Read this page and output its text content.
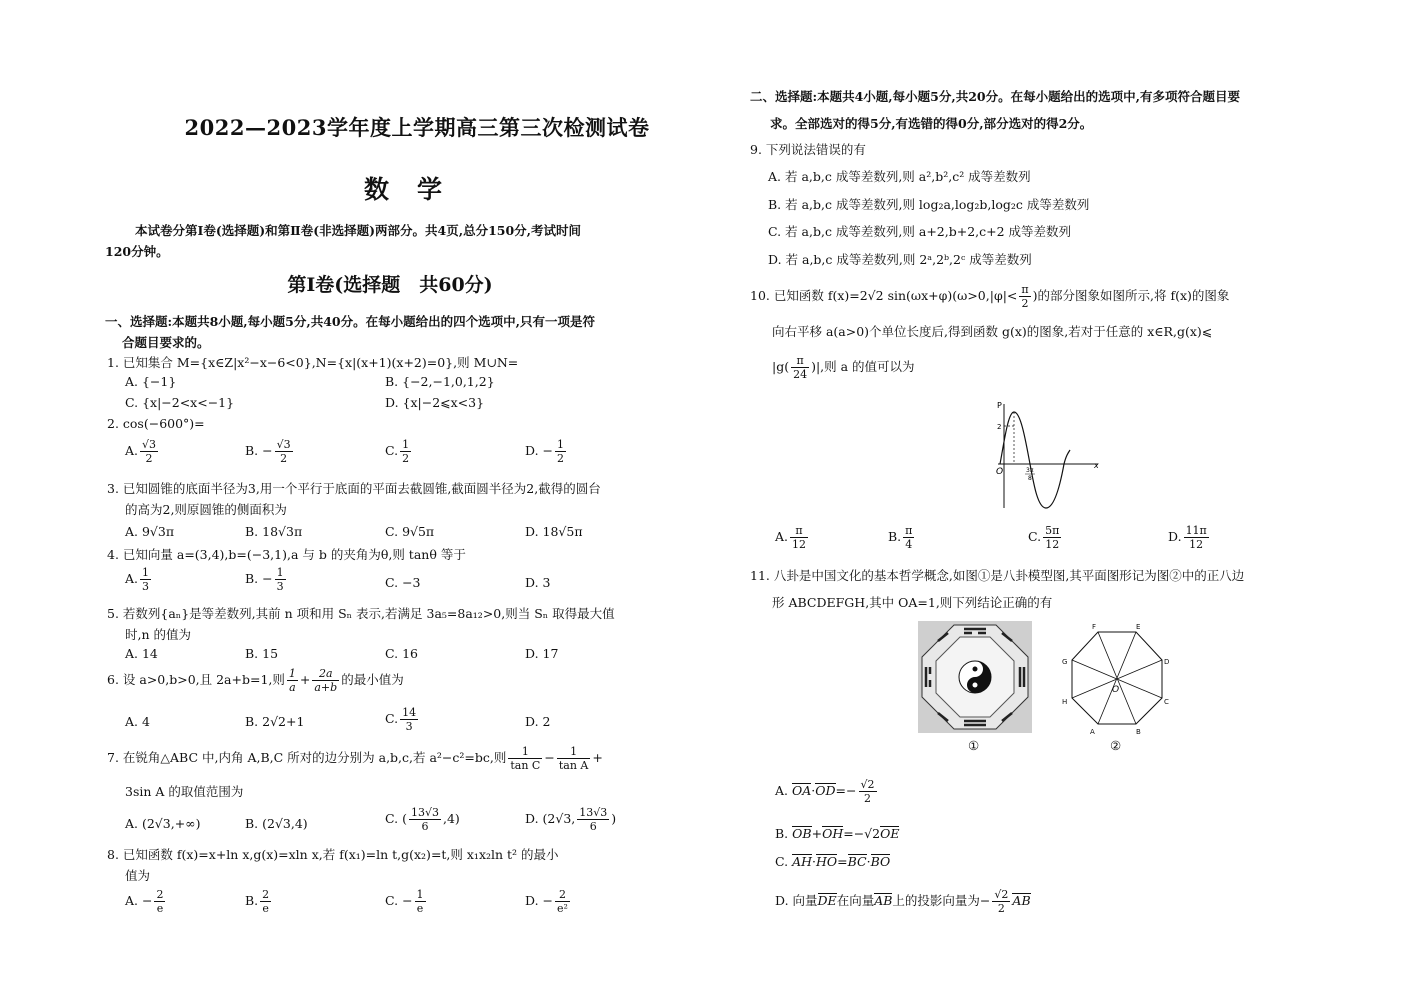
2022—2023学年度上学期高三第三次检测试卷
数学
本试卷分第Ⅰ卷(选择题)和第Ⅱ卷(非选择题)两部分。共4页,总分150分,考试时间
120分钟。
第Ⅰ卷(选择题　共60分)
一、选择题:本题共8小题,每小题5分,共40分。在每小题给出的四个选项中,只有一项是符
合题目要求的。
1. 已知集合 M={x∈Z|x²−x−6<0},N={x|(x+1)(x+2)=0},则 M∪N=
A. {−1}	B. {−2,−1,0,1,2}
C. {x|−2<x<−1}	D. {x|−2⩽x<3}
2. cos(−600°)=
A. $\frac{√3}{2}$	B. − $\frac{√3}{2}$	C. $\frac{1}{2}$	D. − $\frac{1}{2}$
3. 已知圆锥的底面半径为3,用一个平行于底面的平面去截圆锥,截面圆半径为2,截得的圆台
的高为2,则原圆锥的侧面积为
A. 9√3π	B. 18√3π	C. 9√5π	D. 18√5π
4. 已知向量 a=(3,4),b=(−3,1),a 与 b 的夹角为θ,则 tanθ 等于
A. $\frac{1}{3}$	B. − $\frac{1}{3}$	C. −3	D. 3
5. 若数列{aₙ}是等差数列,其前 n 项和用 Sₙ 表示,若满足 3a₅=8a₁₂>0,则当 Sₙ 取得最大值
时,n 的值为
A. 14	B. 15	C. 16	D. 17
6. 设 a>0,b>0,且 2a+b=1,则 $\frac{1}{a} + \frac{2a}{a+b}$ 的最小值为
A. 4	B. 2√2+1	C. $\frac{14}{3}$	D. 2
7. 在锐角△ABC 中,内角 A,B,C 所对的边分别为 a,b,c,若 a²−c²=bc,则 $\frac{1}{\text{tan C}} - \frac{1}{\text{tan A}}$ +
3sin A 的取值范围为
A. (2√3,+∞)	B. (2√3,4)	C. ( $\frac{13√3}{6} ,4$)	D. (2√3, $\frac{13√3}{6}$ )
8. 已知函数 f(x)=x+ln x,g(x)=xln x,若 f(x₁)=ln t,g(x₂)=t,则 x₁x₂ln t² 的最小
值为
A. − $\frac{2}{e}$	B. $\frac{2}{e}$	C. − $\frac{1}{e}$	D. − $\frac{2}{\text{e²}}$
二、选择题:本题共4小题,每小题5分,共20分。在每小题给出的选项中,有多项符合题目要
求。全部选对的得5分,有选错的得0分,部分选对的得2分。
9. 下列说法错误的有
A. 若 a,b,c 成等差数列,则 a²,b²,c² 成等差数列
B. 若 a,b,c 成等差数列,则 log₂a,log₂b,log₂c 成等差数列
C. 若 a,b,c 成等差数列,则 a+2,b+2,c+2 成等差数列
D. 若 a,b,c 成等差数列,则 2ᵃ,2ᵇ,2ᶜ 成等差数列
10. 已知函数 f(x)=2√2 $\sin(\omega x+\varphi)(\omega>0,|\varphi|< \frac{\pi}{2}$ )的部分图象如图所示,将 f(x)的图象
向右平移 a(a>0)个单位长度后,得到函数 g(x)的图象,若对于任意的 x∈R,g(x)⩽
$|g( \frac{\pi}{24}$ )|,则 a 的值可以为
P
2
O	3π
8
x
A. $\frac{\pi}{12}$	B. $\frac{\pi}{4}$	C. $\frac{5\pi}{12}$	D. $\frac{11\pi}{12}$
11. 八卦是中国文化的基本哲学概念,如图①是八卦模型图,其平面图形记为图②中的正八边
形 ABCDEFGH,其中 OA=1,则下列结论正确的有
①
A	B
C
D
E
F
G
H
O
②
A. $OA\cdot OD=- \frac{√2}{2}$
B. OB+OH=−√2OE
C. AH·HO=BC·BO
D. 向量DE在向量AB上的投影向量为− $\frac{√2}{2}$ AB
